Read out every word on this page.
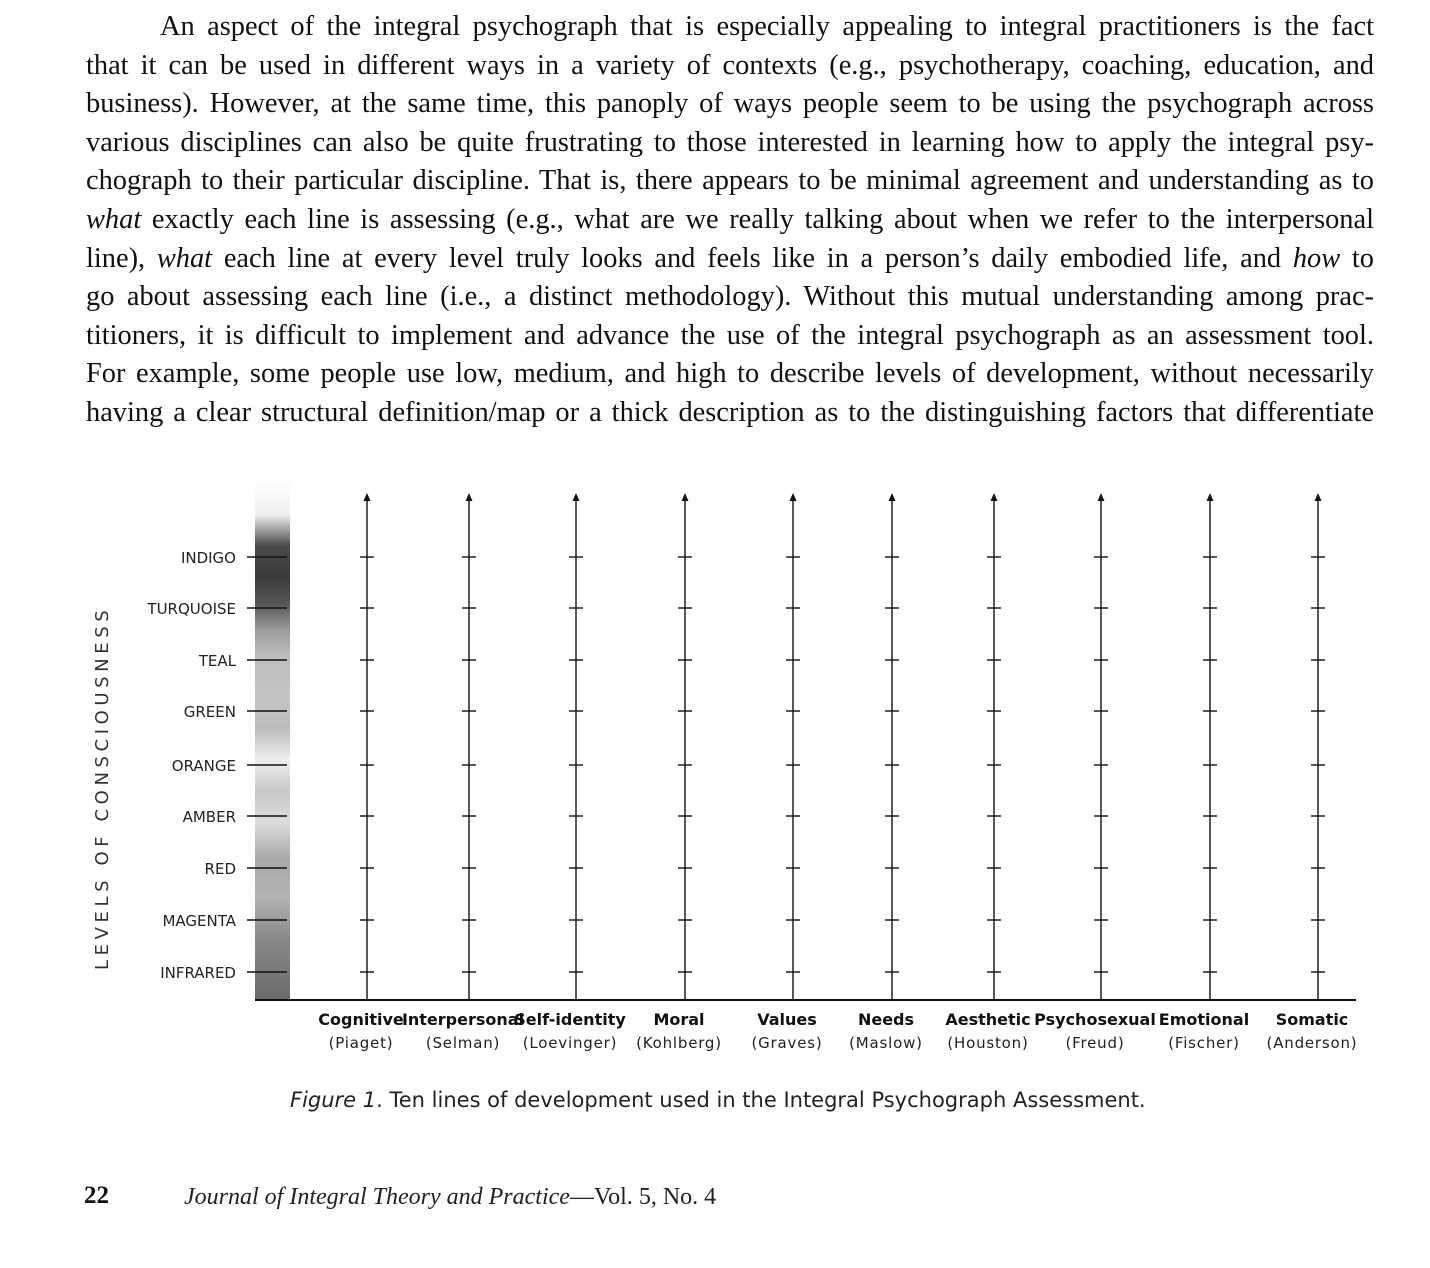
An aspect of the integral psychograph that is especially appealing to integral practitioners is the fact
that it can be used in different ways in a variety of contexts (e.g., psychotherapy, coaching, education, and
business). However, at the same time, this panoply of ways people seem to be using the psychograph across
various disciplines can also be quite frustrating to those interested in learning how to apply the integral psy-
chograph to their particular discipline. That is, there appears to be minimal agreement and understanding as to
what exactly each line is assessing (e.g., what are we really talking about when we refer to the interpersonal
line), what each line at every level truly looks and feels like in a person’s daily embodied life, and how to
go about assessing each line (i.e., a distinct methodology). Without this mutual understanding among prac-
titioners, it is difficult to implement and advance the use of the integral psychograph as an assessment tool.
For example, some people use low, medium, and high to describe levels of development, without necessarily
having a clear structural definition/map or a thick description as to the distinguishing factors that differentiate
LEVELS OF CONSCIOUSNESS
INDIGO
TURQUOISE
TEAL
GREEN
ORANGE
AMBER
RED
MAGENTA
INFRARED
Cognitive
(Piaget)
Interpersonal
(Selman)
Self-identity
(Loevinger)
Moral
(Kohlberg)
Values
(Graves)
Needs
(Maslow)
Aesthetic
(Houston)
Psychosexual
(Freud)
Emotional
(Fischer)
Somatic
(Anderson)
Figure 1. Ten lines of development used in the Integral Psychograph Assessment.
22	Journal of Integral Theory and Practice—Vol. 5, No. 4
